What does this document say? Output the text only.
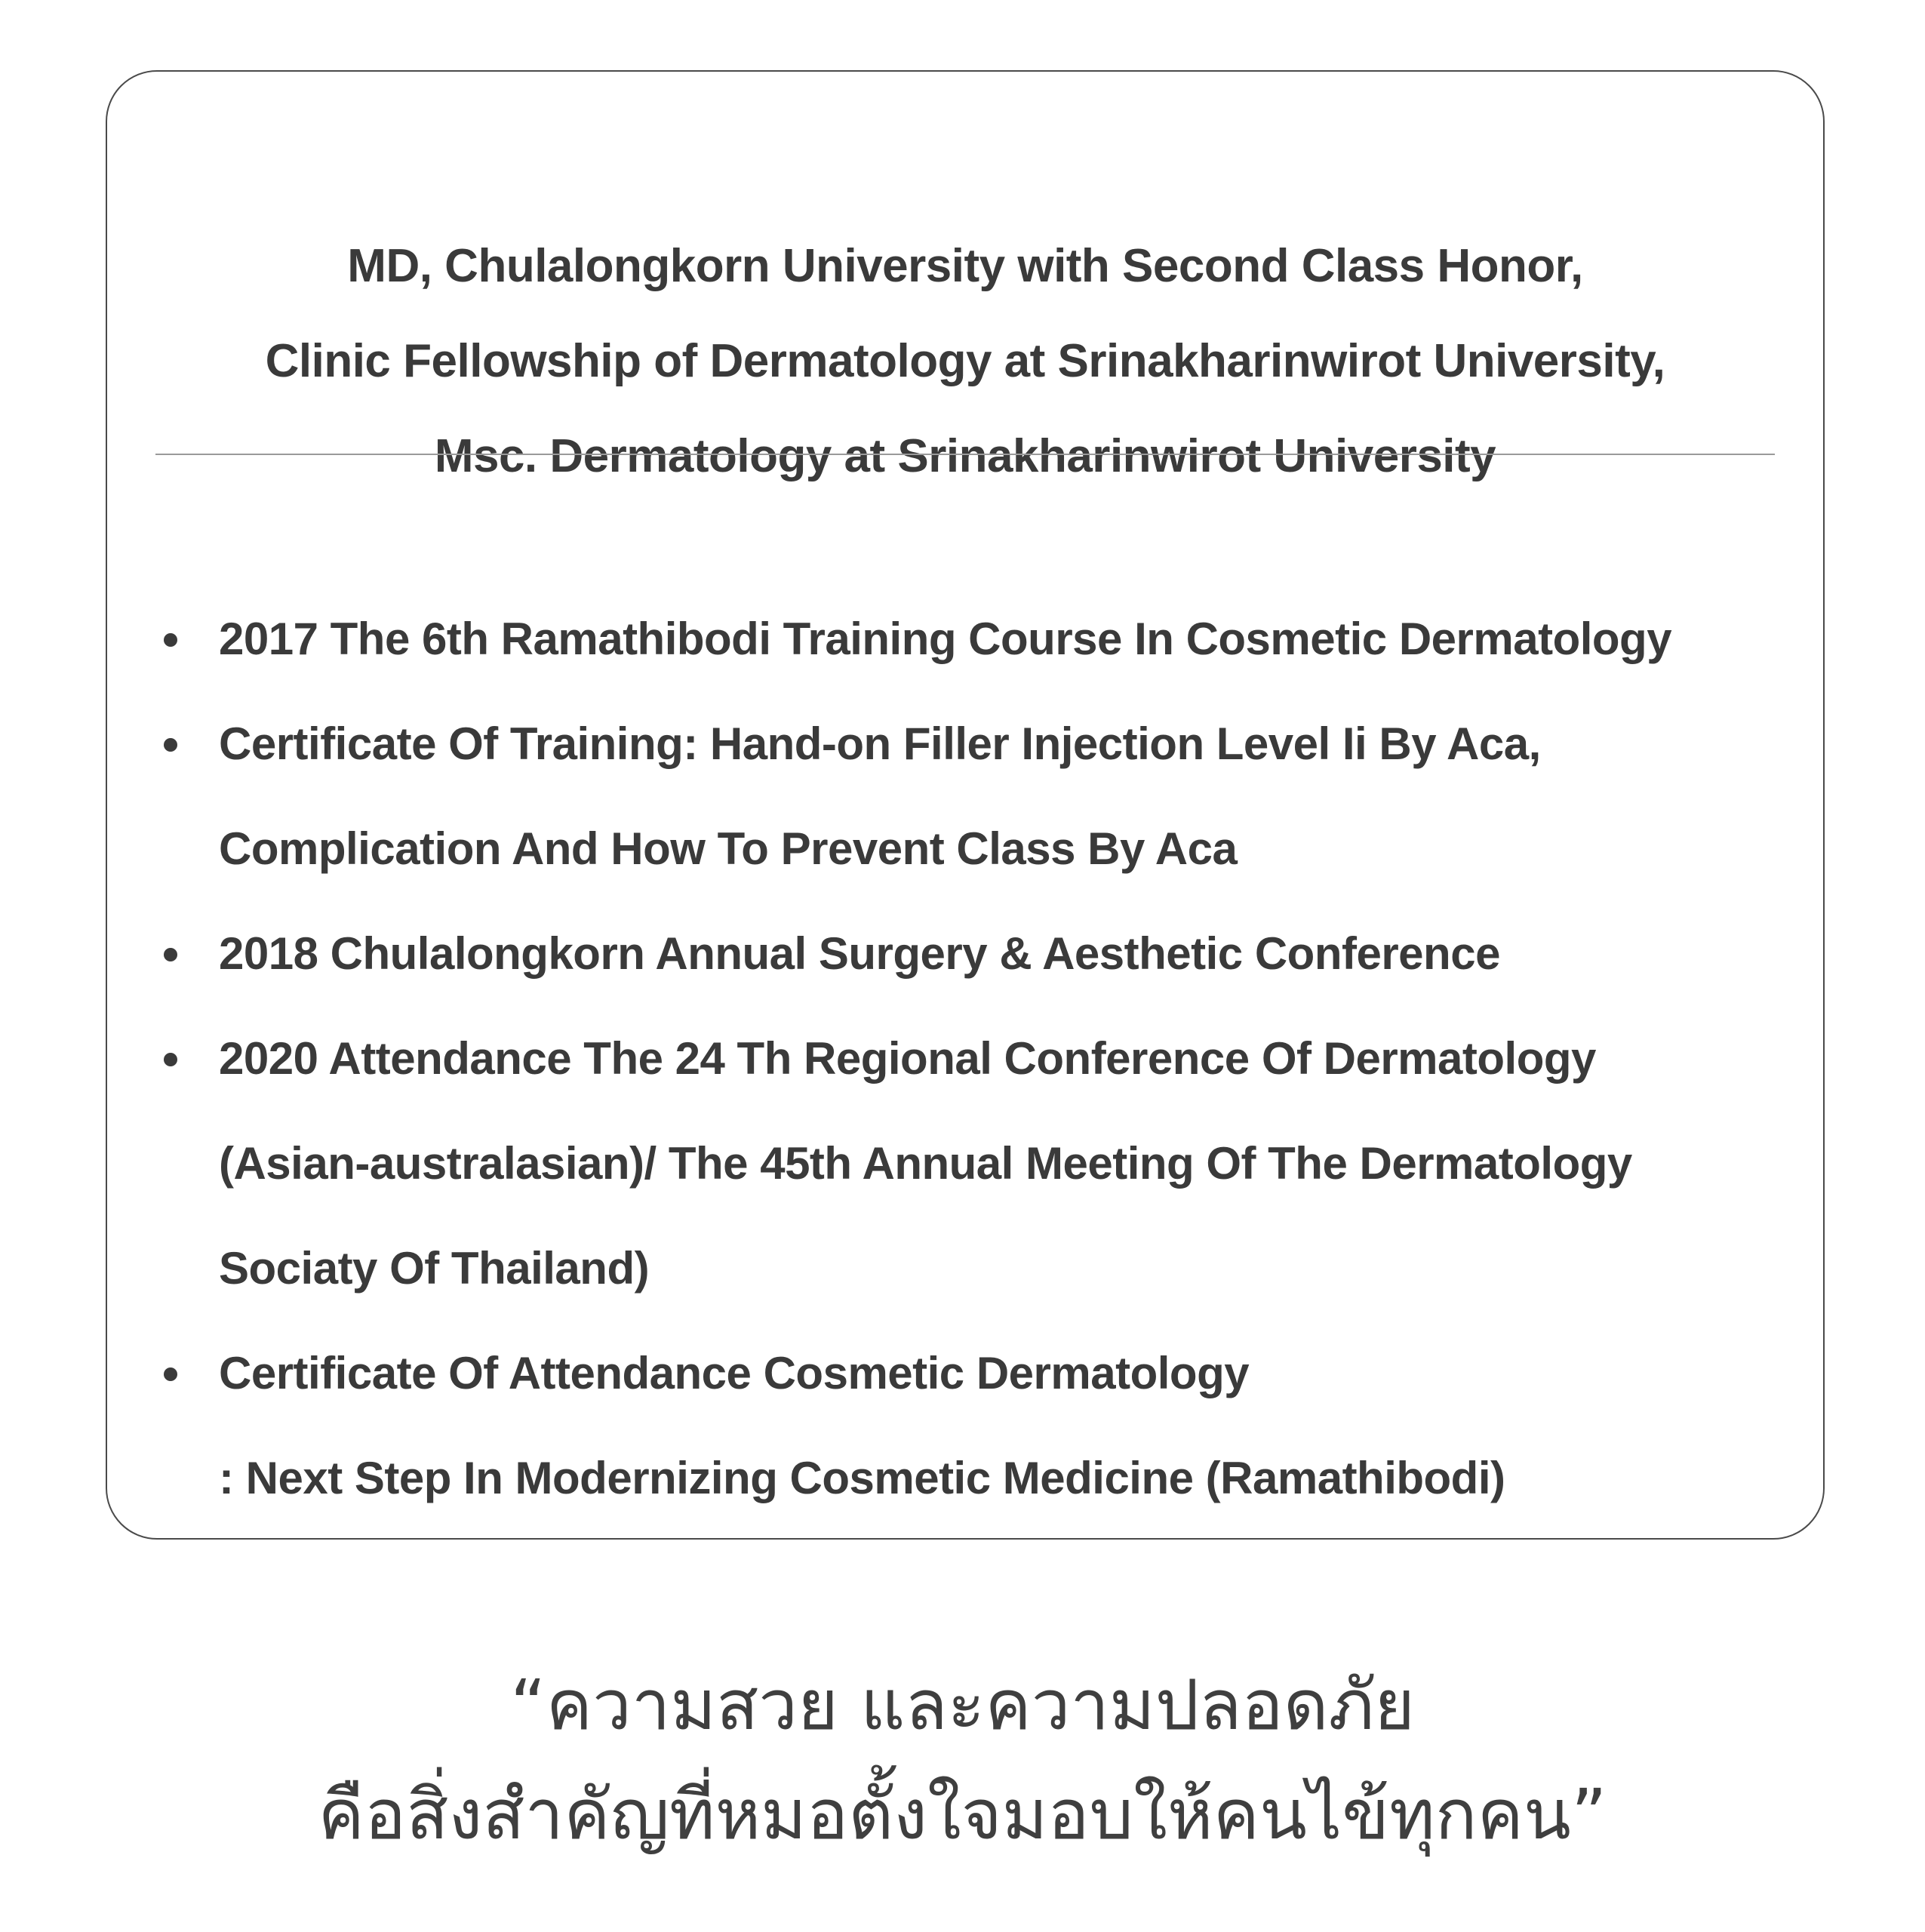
MD, Chulalongkorn University with Second Class Honor,
Clinic Fellowship of Dermatology at Srinakharinwirot University,
Msc. Dermatology at Srinakharinwirot University
2017 The 6th Ramathibodi Training Course In Cosmetic Dermatology
Certificate Of Training: Hand-on Filler Injection Level Ii By Aca,
Complication And How To Prevent Class By Aca
2018 Chulalongkorn Annual Surgery & Aesthetic Conference
2020 Attendance The 24 Th Regional Conference Of Dermatology
(Asian-australasian)/ The 45th Annual Meeting Of The Dermatology
Sociaty Of Thailand)
Certificate Of Attendance Cosmetic Dermatology
: Next Step In Modernizing Cosmetic Medicine (Ramathibodi)
“ความสวย และความปลอดภัย
คือสิ่งสำคัญที่หมอตั้งใจมอบให้คนไข้ทุกคน”
